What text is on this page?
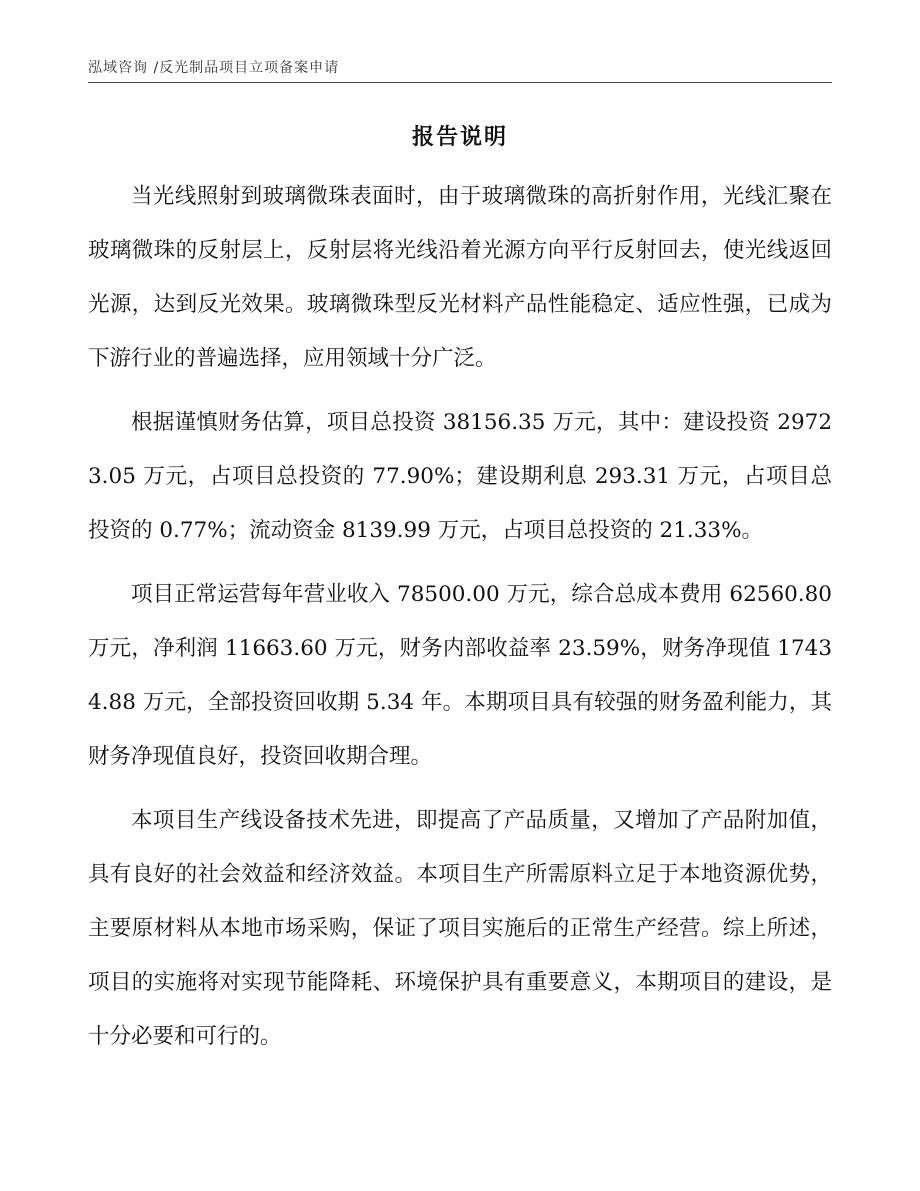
泓域咨询 /反光制品项目立项备案申请
报告说明

当光线照射到玻璃微珠表面时，由于玻璃微珠的高折射作用，光线汇聚在玻璃微珠的反射层上，反射层将光线沿着光源方向平行反射回去，使光线返回光源，达到反光效果。玻璃微珠型反光材料产品性能稳定、适应性强，已成为下游行业的普遍选择，应用领域十分广泛。

根据谨慎财务估算，项目总投资 38156.35 万元，其中：建设投资 29723.05 万元，占项目总投资的 77.90%；建设期利息 293.31 万元，占项目总投资的 0.77%；流动资金 8139.99 万元，占项目总投资的 21.33%。

项目正常运营每年营业收入 78500.00 万元，综合总成本费用 62560.80 万元，净利润 11663.60 万元，财务内部收益率 23.59%，财务净现值 17434.88 万元，全部投资回收期 5.34 年。本期项目具有较强的财务盈利能力，其财务净现值良好，投资回收期合理。

本项目生产线设备技术先进，即提高了产品质量，又增加了产品附加值，具有良好的社会效益和经济效益。本项目生产所需原料立足于本地资源优势，主要原材料从本地市场采购，保证了项目实施后的正常生产经营。综上所述，项目的实施将对实现节能降耗、环境保护具有重要意义，本期项目的建设，是十分必要和可行的。
